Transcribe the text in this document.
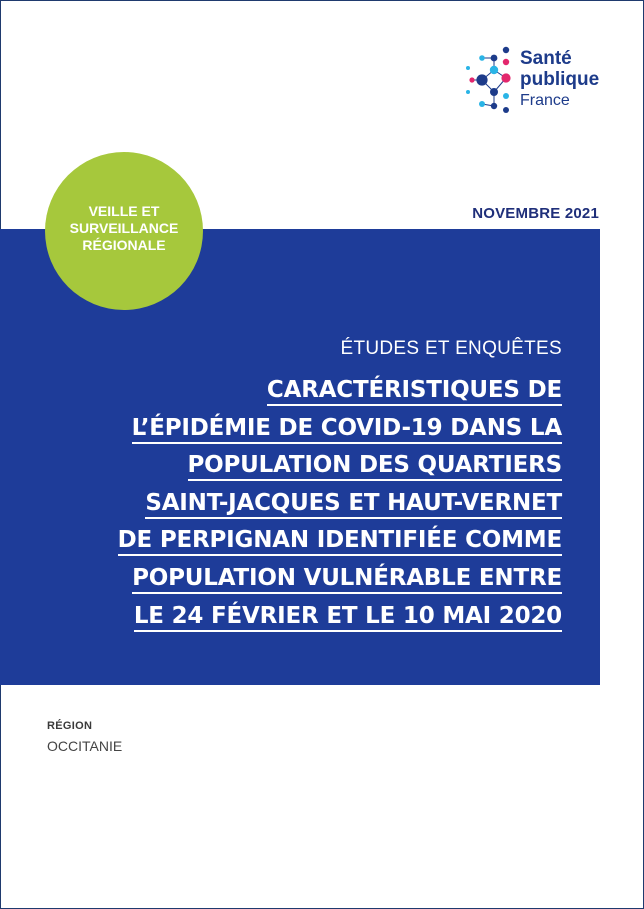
Santé
publique
France
NOVEMBRE 2021
VEILLE ET
SURVEILLANCE
RÉGIONALE
ÉTUDES ET ENQUÊTES
CARACTÉRISTIQUES DE
L’ÉPIDÉMIE DE COVID-19 DANS LA
POPULATION DES QUARTIERS
SAINT-JACQUES ET HAUT-VERNET
DE PERPIGNAN IDENTIFIÉE COMME
POPULATION VULNÉRABLE ENTRE
LE 24 FÉVRIER ET LE 10 MAI 2020
RÉGION
OCCITANIE
